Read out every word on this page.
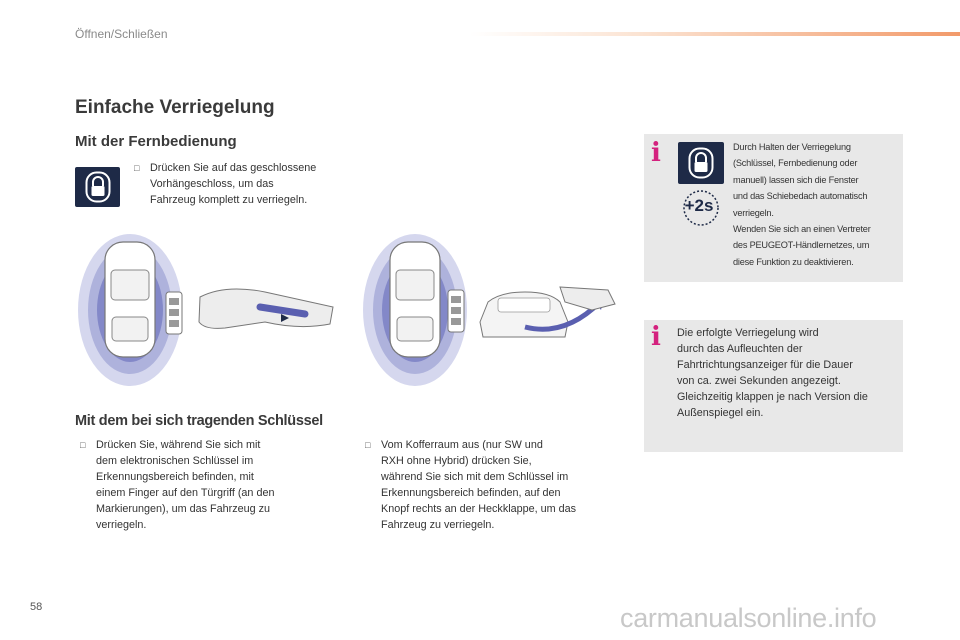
Öffnen/Schließen
Einfache Verriegelung
Mit der Fernbedienung
□ Drücken Sie auf das geschlossene
Vorhängeschloss, um das
Fahrzeug komplett zu verriegeln.
Mit dem bei sich tragenden Schlüssel
□ Drücken Sie, während Sie sich mit
dem elektronischen Schlüssel im
Erkennungsbereich befinden, mit
einem Finger auf den Türgriff (an den
Markierungen), um das Fahrzeug zu
verriegeln.
□ Vom Kofferraum aus (nur SW und
RXH ohne Hybrid) drücken Sie,
während Sie sich mit dem Schlüssel im
Erkennungsbereich befinden, auf den
Knopf rechts an der Heckklappe, um das
Fahrzeug zu verriegeln.
i
+2s
Durch Halten der Verriegelung
(Schlüssel, Fernbedienung oder
manuell) lassen sich die Fenster
und das Schiebedach automatisch
verriegeln.
Wenden Sie sich an einen Vertreter
des PEUGEOT-Händlernetzes, um
diese Funktion zu deaktivieren.
i Die erfolgte Verriegelung wird
durch das Aufleuchten der
Fahrtrichtungsanzeiger für die Dauer
von ca. zwei Sekunden angezeigt.
Gleichzeitig klappen je nach Version die
Außenspiegel ein.
58	carmanualsonline.info
